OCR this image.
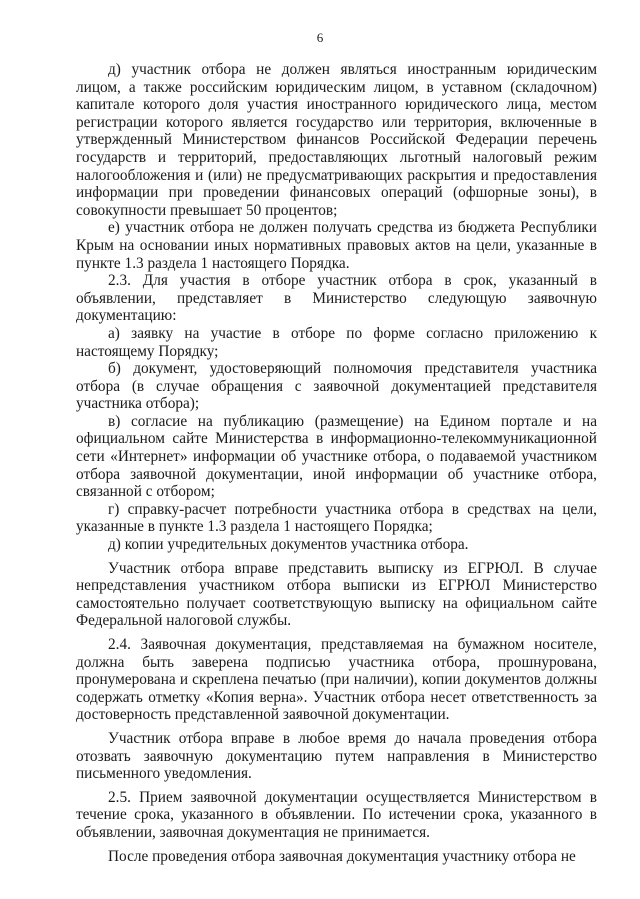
6

д) участник отбора не должен являться иностранным юридическим лицом, а также российским юридическим лицом, в уставном (складочном) капитале которого доля участия иностранного юридического лица, местом регистрации которого является государство или территория, включенные в утвержденный Министерством финансов Российской Федерации перечень государств и территорий, предоставляющих льготный налоговый режим налогообложения и (или) не предусматривающих раскрытия и предоставления информации при проведении финансовых операций (офшорные зоны), в совокупности превышает 50 процентов;

е) участник отбора не должен получать средства из бюджета Республики Крым на основании иных нормативных правовых актов на цели, указанные в пункте 1.3 раздела 1 настоящего Порядка.

2.3. Для участия в отборе участник отбора в срок, указанный в объявлении, представляет в Министерство следующую заявочную документацию:

а) заявку на участие в отборе по форме согласно приложению к настоящему Порядку;

б) документ, удостоверяющий полномочия представителя участника отбора (в случае обращения с заявочной документацией представителя участника отбора);

в) согласие на публикацию (размещение) на Едином портале и на официальном сайте Министерства в информационно-телекоммуникационной сети «Интернет» информации об участнике отбора, о подаваемой участником отбора заявочной документации, иной информации об участнике отбора, связанной с отбором;

г) справку-расчет потребности участника отбора в средствах на цели, указанные в пункте 1.3 раздела 1 настоящего Порядка;

д) копии учредительных документов участника отбора.

Участник отбора вправе представить выписку из ЕГРЮЛ. В случае непредставления участником отбора выписки из ЕГРЮЛ Министерство самостоятельно получает соответствующую выписку на официальном сайте Федеральной налоговой службы.

2.4. Заявочная документация, представляемая на бумажном носителе, должна быть заверена подписью участника отбора, прошнурована, пронумерована и скреплена печатью (при наличии), копии документов должны содержать отметку «Копия верна». Участник отбора несет ответственность за достоверность представленной заявочной документации.

Участник отбора вправе в любое время до начала проведения отбора отозвать заявочную документацию путем направления в Министерство письменного уведомления.

2.5. Прием заявочной документации осуществляется Министерством в течение срока, указанного в объявлении. По истечении срока, указанного в объявлении, заявочная документация не принимается.

После проведения отбора заявочная документация участнику отбора не
